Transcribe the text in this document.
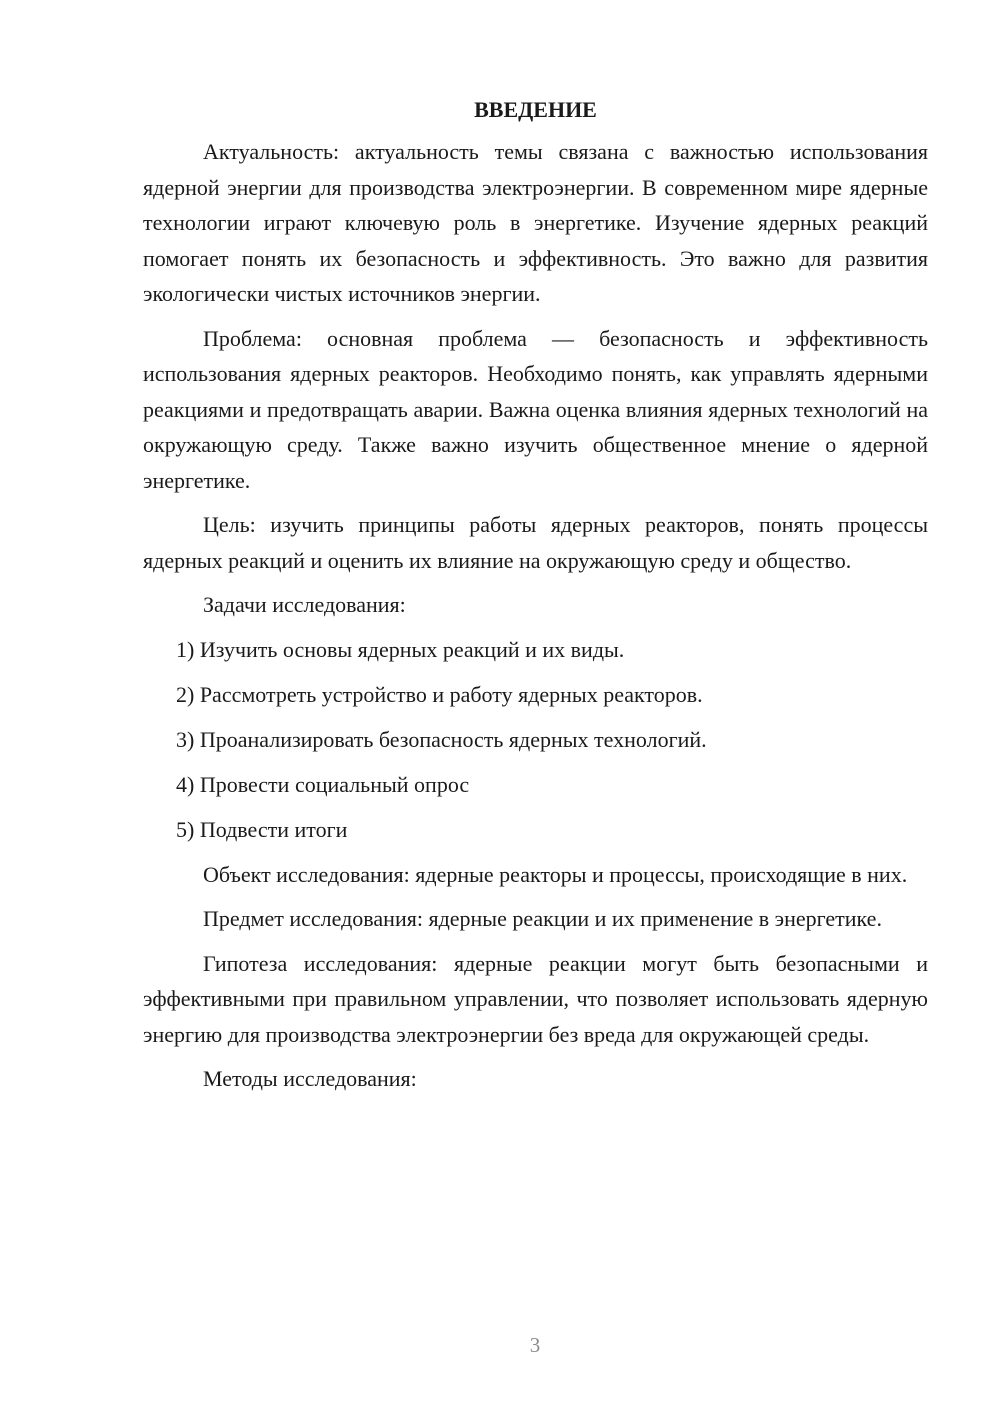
ВВЕДЕНИЕ

Актуальность: актуальность темы связана с важностью использования ядерной энергии для производства электроэнергии. В современном мире ядерные технологии играют ключевую роль в энергетике. Изучение ядерных реакций помогает понять их безопасность и эффективность. Это важно для развития экологически чистых источников энергии.

Проблема: основная проблема — безопасность и эффективность использования ядерных реакторов. Необходимо понять, как управлять ядерными реакциями и предотвращать аварии. Важна оценка влияния ядерных технологий на окружающую среду. Также важно изучить общественное мнение о ядерной энергетике.

Цель: изучить принципы работы ядерных реакторов, понять процессы ядерных реакций и оценить их влияние на окружающую среду и общество.

Задачи исследования:

1) Изучить основы ядерных реакций и их виды.
2) Рассмотреть устройство и работу ядерных реакторов.
3) Проанализировать безопасность ядерных технологий.
4) Провести социальный опрос
5) Подвести итоги

Объект исследования: ядерные реакторы и процессы, происходящие в них.

Предмет исследования: ядерные реакции и их применение в энергетике.

Гипотеза исследования: ядерные реакции могут быть безопасными и эффективными при правильном управлении, что позволяет использовать ядерную энергию для производства электроэнергии без вреда для окружающей среды.

Методы исследования:

3
